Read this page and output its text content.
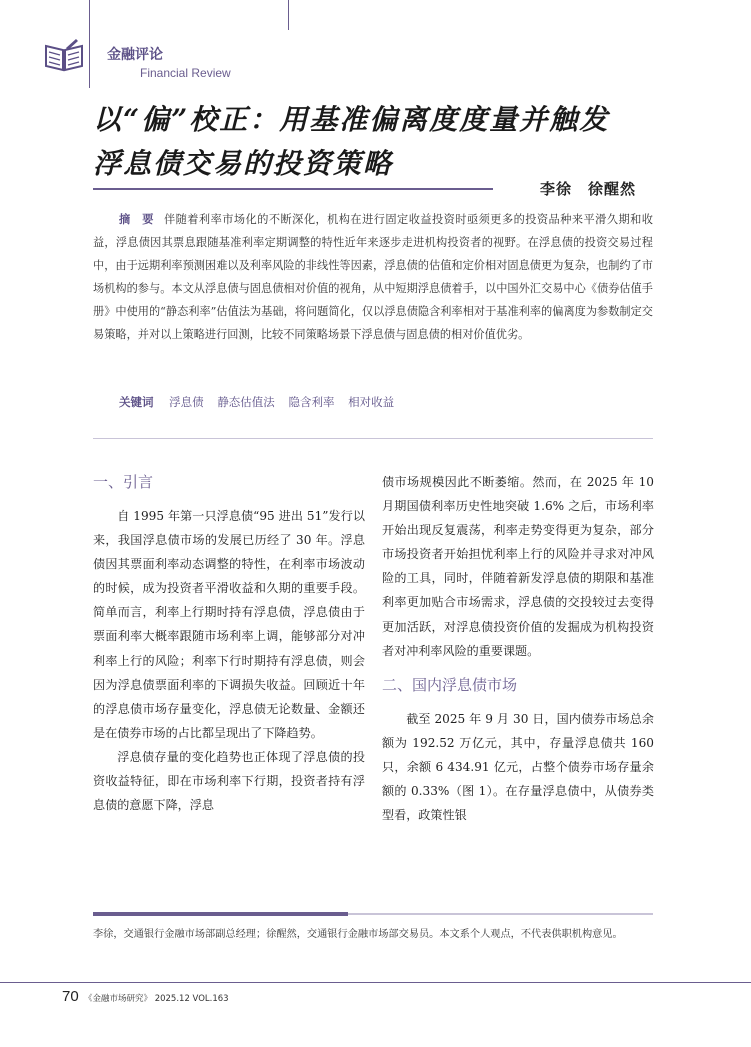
金融评论
Financial Review
以“偏”校正：用基准偏离度度量并触发
浮息债交易的投资策略
李徐　徐醒然
摘　要 伴随着利率市场化的不断深化，机构在进行固定收益投资时亟须更多的投资品种来平滑久期和收益，浮息债因其票息跟随基准利率定期调整的特性近年来逐步走进机构投资者的视野。在浮息债的投资交易过程中，由于远期利率预测困难以及利率风险的非线性等因素，浮息债的估值和定价相对固息债更为复杂，也制约了市场机构的参与。本文从浮息债与固息债相对价值的视角，从中短期浮息债着手，以中国外汇交易中心《债券估值手册》中使用的“静态利率”估值法为基础，将问题简化，仅以浮息债隐含利率相对于基准利率的偏离度为参数制定交易策略，并对以上策略进行回测，比较不同策略场景下浮息债与固息债的相对价值优劣。
关键词 浮息债 静态估值法 隐含利率 相对收益
一、引言

自 1995 年第一只浮息债“95 进出 51”发行以来，我国浮息债市场的发展已历经了 30 年。浮息债因其票面利率动态调整的特性，在利率市场波动的时候，成为投资者平滑收益和久期的重要手段。简单而言，利率上行期时持有浮息债，浮息债由于票面利率大概率跟随市场利率上调，能够部分对冲利率上行的风险；利率下行时期持有浮息债，则会因为浮息债票面利率的下调损失收益。回顾近十年的浮息债市场存量变化，浮息债无论数量、金额还是在债券市场的占比都呈现出了下降趋势。

浮息债存量的变化趋势也正体现了浮息债的投资收益特征，即在市场利率下行期，投资者持有浮息债的意愿下降，浮息

债市场规模因此不断萎缩。然而，在 2025 年 10 月期国债利率历史性地突破 1.6% 之后，市场利率开始出现反复震荡，利率走势变得更为复杂，部分市场投资者开始担忧利率上行的风险并寻求对冲风险的工具，同时，伴随着新发浮息债的期限和基准利率更加贴合市场需求，浮息债的交投较过去变得更加活跃，对浮息债投资价值的发掘成为机构投资者对冲利率风险的重要课题。

二、国内浮息债市场

截至 2025 年 9 月 30 日，国内债券市场总余额为 192.52 万亿元，其中，存量浮息债共 160 只，余额 6 434.91 亿元，占整个债券市场存量余额的 0.33%（图 1）。在存量浮息债中，从债券类型看，政策性银

李徐，交通银行金融市场部副总经理；徐醒然，交通银行金融市场部交易员。本文系个人观点，不代表供职机构意见。
70 《金融市场研究》 2025.12 VOL.163
